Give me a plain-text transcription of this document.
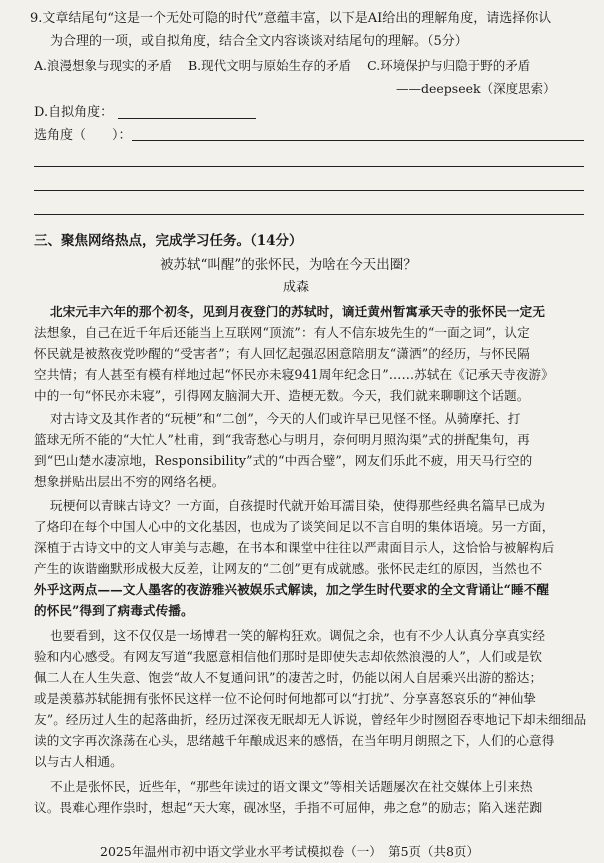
9.文章结尾句“这是一个无处可隐的时代”意蕴丰富，以下是AI给出的理解角度，请选择你认
为合理的一项，或自拟角度，结合全文内容谈谈对结尾句的理解。（5分）
A.浪漫想象与现实的矛盾 B.现代文明与原始生存的矛盾 C.环境保护与归隐于野的矛盾
——deepseek（深度思索）
D.自拟角度：
选角度（　　）：
三、聚焦网络热点，完成学习任务。（14分）
被苏轼“叫醒”的张怀民，为啥在今天出圈？
成森
北宋元丰六年的那个初冬，见到月夜登门的苏轼时，谪迁黄州暂寓承天寺的张怀民一定无
法想象，自己在近千年后还能当上互联网“顶流”：有人不信东坡先生的“一面之词”，认定
怀民就是被熬夜党吵醒的“受害者”；有人回忆起强忍困意陪朋友“潇洒”的经历，与怀民隔
空共情；有人甚至有模有样地过起“怀民亦未寝941周年纪念日”……苏轼在《记承天寺夜游》
中的一句“怀民亦未寝”，引得网友脑洞大开、造梗无数。今天，我们就来聊聊这个话题。
对古诗文及其作者的“玩梗”和“二创”，今天的人们或许早已见怪不怪。从骑摩托、打
篮球无所不能的“大忙人”杜甫，到“我寄愁心与明月，奈何明月照沟渠”式的拼配集句，再
到“巴山楚水凄凉地，Responsibility”式的“中西合璧”，网友们乐此不疲，用天马行空的
想象拼贴出层出不穷的网络名梗。
玩梗何以青睐古诗文？一方面，自孩提时代就开始耳濡目染，使得那些经典名篇早已成为
了烙印在每个中国人心中的文化基因，也成为了谈笑间足以不言自明的集体语境。另一方面，
深植于古诗文中的文人审美与志趣，在书本和课堂中往往以严肃面目示人，这恰恰与被解构后
产生的诙谐幽默形成极大反差，让网友的“二创”更有成就感。张怀民走红的原因，当然也不
外乎这两点——文人墨客的夜游雅兴被娱乐式解读，加之学生时代要求的全文背诵让“睡不醒
的怀民”得到了病毒式传播。
也要看到，这不仅仅是一场博君一笑的解构狂欢。调侃之余，也有不少人认真分享真实经
验和内心感受。有网友写道“我愿意相信他们那时是即使失志却依然浪漫的人”，人们或是钦
佩二人在人生失意、饱尝“故人不复通问讯”的凄苦之时，仍能以闲人自居乘兴出游的豁达；
或是羡慕苏轼能拥有张怀民这样一位不论何时何地都可以“打扰”、分享喜怒哀乐的“神仙挚
友”。经历过人生的起落曲折，经历过深夜无眠却无人诉说，曾经年少时囫囵吞枣地记下却未细细品
读的文字再次涤荡在心头，思绪越千年酿成迟来的感悟，在当年明月朗照之下，人们的心意得
以与古人相通。
不止是张怀民，近些年，“那些年读过的语文课文”等相关话题屡次在社交媒体上引来热
议。畏难心理作祟时，想起“天大寒，砚冰坚，手指不可屈伸，弗之怠”的励志；陷入迷茫踟
2025年温州市初中语文学业水平考试模拟卷（一）　第5页（共8页）
